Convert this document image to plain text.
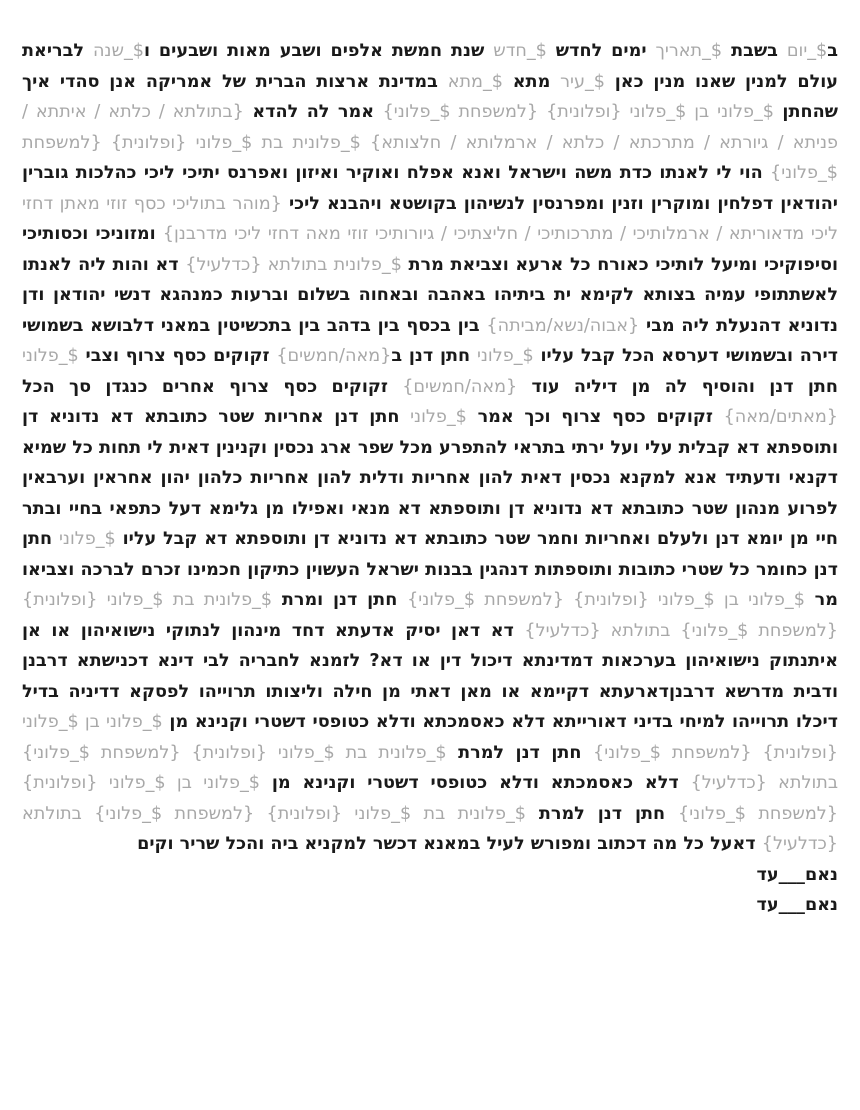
ב$_יום בשבת $_תאריך ימים לחדש $_חדש שנת חמשת אלפים ושבע מאות ושבעים ו$_שנה לבריאת עולם למנין שאנו מנין כאן $_עיר מתא $_מתא במדינת ארצות הברית של אמריקה אנן סהדי איך שהחתן $_פלוני בן $_פלוני {ופלונית} {למשפחת $_פלוני} אמר לה להדא {בתולתא / כלתא / איתתא / פניתא / גיורתא / מתרכתא / כלתא / ארמלותא / חלצותא} $_פלונית בת $_פלוני {ופלונית} {למשפחת $_פלוני} הוי לי לאנתו כדת משה וישראל ואנא אפלח ואוקיר ואיזון ואפרנס יתיכי ליכי כהלכות גוברין יהודאין דפלחין ומוקרין וזנין ומפרנסין לנשיהון בקושטא ויהבנא ליכי {מוהר בתוליכי כסף זוזי מאתן דחזי ליכי מדאוריתא / ארמלותיכי / מתרכותיכי / חליצתיכי / גיורותיכי זוזי מאה דחזי ליכי מדרבנן} ומזוניכי וכסותיכי וסיפוקיכי ומיעל לותיכי כאורח כל ארעא וצביאת מרת $_פלונית בתולתא {כדלעיל} דא והות ליה לאנתו לאשתתופי עמיה בצותא לקימא ית ביתיהו באהבה ובאחוה בשלום וברעות כמנהגא דנשי יהודאן ודן נדוניא דהנעלת ליה מבי {אבוה/נשא/מביתה} בין בכסף בין בדהב בין בתכשיטין במאני דלבושא בשמושי דירה ובשמושי דערסא הכל קבל עליו $_פלוני חתן דנן ב{מאה/חמשים} זקוקים כסף צרוף וצבי $_פלוני חתן דנן והוסיף לה מן דיליה עוד {מאה/חמשים} זקוקים כסף צרוף אחרים כנגדן סך הכל {מאתים/מאה} זקוקים כסף צרוף וכך אמר $_פלוני חתן דנן אחריות שטר כתובתא דא נדוניא דן ותוספתא דא קבלית עלי ועל ירתי בתראי להתפרע מכל שפר ארג נכסין וקנינין דאית לי תחות כל שמיא דקנאי ודעתיד אנא למקנא נכסין דאית להון אחריות ודלית להון אחריות כלהון יהון אחראין וערבאין לפרוע מנהון שטר כתובתא דא נדוניא דן ותוספתא דא מנאי ואפילו מן גלימא דעל כתפאי בחיי ובתר חיי מן יומא דנן ולעלם ואחריות וחמר שטר כתובתא דא נדוניא דן ותוספתא דא קבל עליו $_פלוני חתן דנן כחומר כל שטרי כתובות ותוספתות דנהגין בבנות ישראל העשוין כתיקון חכמינו זכרם לברכה וצביאו מר $_פלוני בן $_פלוני {ופלונית} {למשפחת $_פלוני} חתן דנן ומרת $_פלונית בת $_פלוני {ופלונית} {למשפחת $_פלוני} בתולתא {כדלעיל} דא דאן יסיק אדעתא דחד מינהון לנתוקי נישואיהון או אן איתנתוק נישואיהון בערכאות דמדינתא דיכול דין או דא? לזמנא לחבריה לבי דינא דכנישתא דרבנן ודבית מדרשא דרבנןדארעתא דקיימא או מאן דאתי מן חילה וליצותו תרוייהו לפסקא דדיניה בדיל דיכלו תרוייהו למיחי בדיני דאורייתא דלא כאסמכתא ודלא כטופסי דשטרי וקנינא מן $_פלוני בן $_פלוני {ופלונית} {למשפחת $_פלוני} חתן דנן למרת $_פלונית בת $_פלוני {ופלונית} {למשפחת $_פלוני} בתולתא {כדלעיל} דלא כאסמכתא ודלא כטופסי דשטרי וקנינא מן $_פלוני בן $_פלוני {ופלונית} {למשפחת $_פלוני} חתן דנן למרת $_פלונית בת $_פלוני {ופלונית} {למשפחת $_פלוני} בתולתא {כדלעיל} דאעל כל מה דכתוב ומפורש לעיל במאנא דכשר למקניא ביה והכל שריר וקים

נאם___עד

נאם___עד
